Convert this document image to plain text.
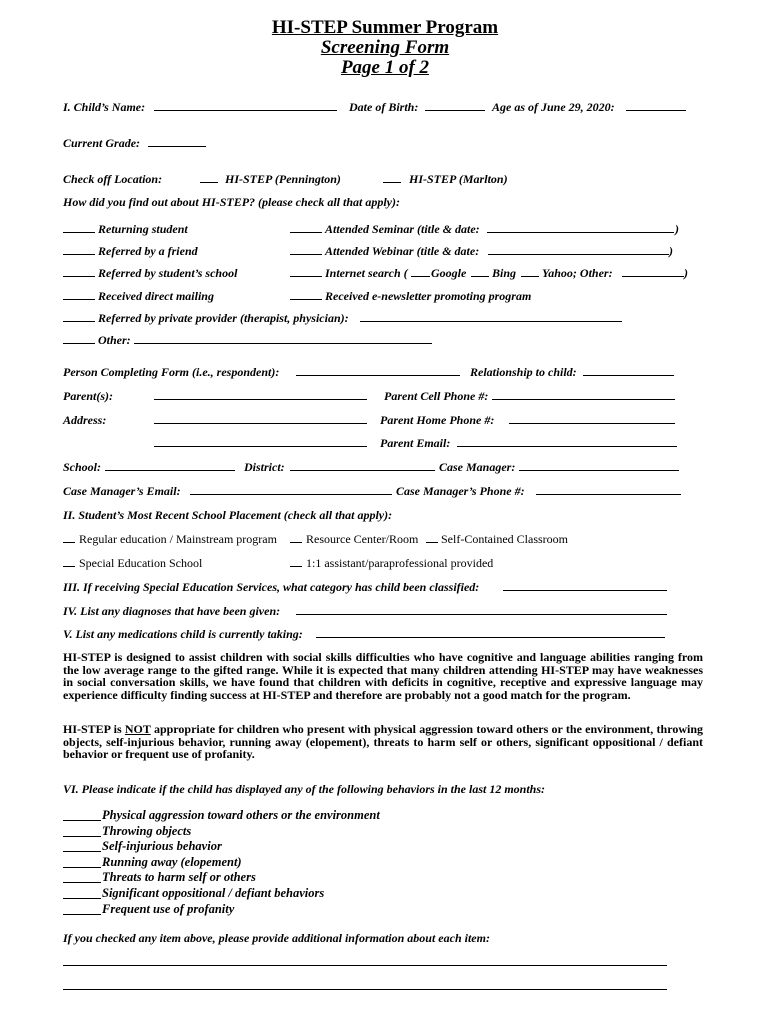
HI-STEP Summer Program
Screening Form
Page 1 of 2
I. Child’s Name:	Date of Birth:	Age as of June 29, 2020:
Current Grade:
Check off Location:	HI-STEP (Pennington)	HI-STEP (Marlton)
How did you find out about HI-STEP? (please check all that apply):
Returning student	Attended Seminar (title & date:	)
Referred by a friend	Attended Webinar (title & date:	)
Referred by student’s school	Internet search ( Google Bing Yahoo; Other:	)
Received direct mailing	Received e-newsletter promoting program
Referred by private provider (therapist, physician):
Other:
Person Completing Form (i.e., respondent):	Relationship to child:
Parent(s):	Parent Cell Phone #:
Address:	Parent Home Phone #:
Parent Email:
School:	District:	Case Manager:
Case Manager’s Email:	Case Manager’s Phone #:
II. Student’s Most Recent School Placement (check all that apply):
Regular education / Mainstream program Resource Center/Room Self-Contained Classroom
Special Education School	1:1 assistant/paraprofessional provided
III. If receiving Special Education Services, what category has child been classified:
IV. List any diagnoses that have been given:
V. List any medications child is currently taking:
HI-STEP is designed to assist children with social skills difficulties who have cognitive and language abilities ranging from the low average range to the gifted range. While it is expected that many children attending HI-STEP may have weaknesses in social conversation skills, we have found that children with deficits in cognitive, receptive and expressive language may experience difficulty finding success at HI-STEP and therefore are probably not a good match for the program.
HI-STEP is NOT appropriate for children who present with physical aggression toward others or the environment, throwing objects, self-injurious behavior, running away (elopement), threats to harm self or others, significant oppositional / defiant behavior or frequent use of profanity.
VI. Please indicate if the child has displayed any of the following behaviors in the last 12 months:
Physical aggression toward others or the environment
Throwing objects
Self-injurious behavior
Running away (elopement)
Threats to harm self or others
Significant oppositional / defiant behaviors
Frequent use of profanity
If you checked any item above, please provide additional information about each item:
